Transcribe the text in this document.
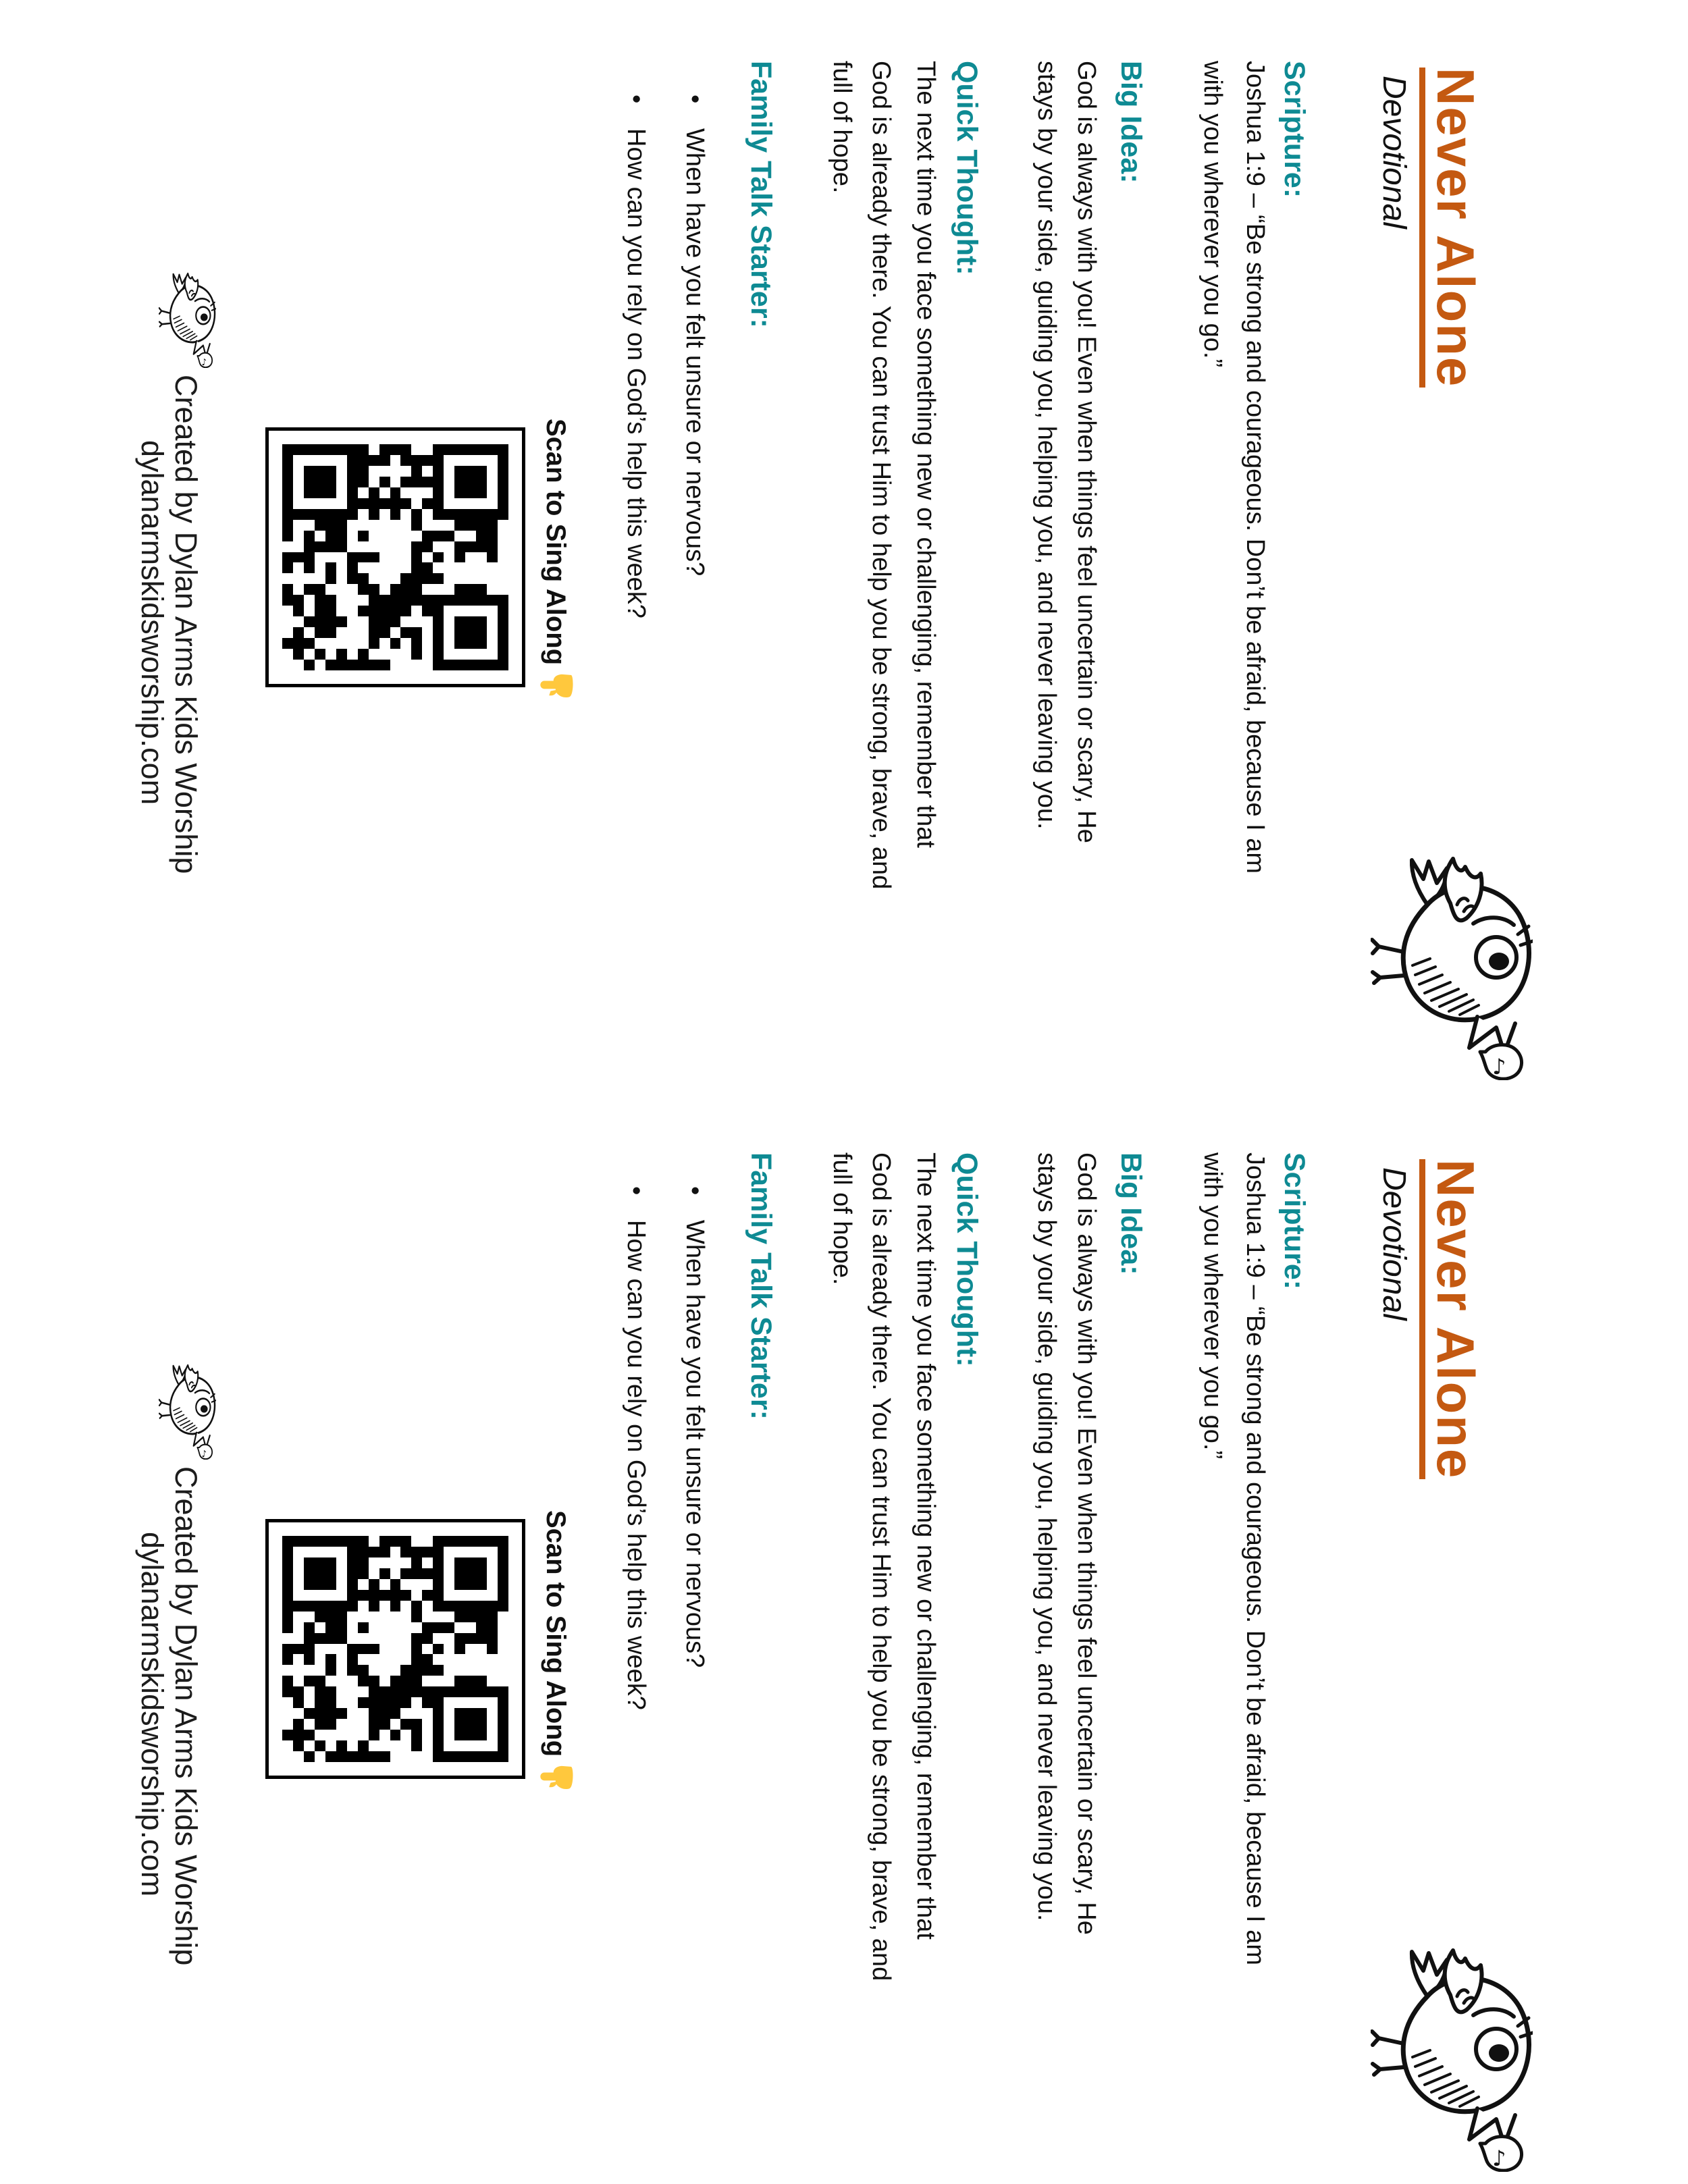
Never Alone
Devotional
Scripture:
Joshua 1:9 – “Be strong and courageous. Don’t be afraid, because I am
with you wherever you go.”
Big Idea:
God is always with you! Even when things feel uncertain or scary, He
stays by your side, guiding you, helping you, and never leaving you.
Quick Thought:
The next time you face something new or challenging, remember that
God is already there. You can trust Him to help you be strong, brave, and
full of hope.
Family Talk Starter:
•When have you felt unsure or nervous?
•How can you rely on God’s help this week?
Scan to Sing Along
Created by Dylan Arms Kids Worship
dylanarmskidsworship.com
Never Alone
Devotional
Scripture:
Joshua 1:9 – “Be strong and courageous. Don’t be afraid, because I am
with you wherever you go.”
Big Idea:
God is always with you! Even when things feel uncertain or scary, He
stays by your side, guiding you, helping you, and never leaving you.
Quick Thought:
The next time you face something new or challenging, remember that
God is already there. You can trust Him to help you be strong, brave, and
full of hope.
Family Talk Starter:
•When have you felt unsure or nervous?
•How can you rely on God’s help this week?
Scan to Sing Along
Created by Dylan Arms Kids Worship
dylanarmskidsworship.com
